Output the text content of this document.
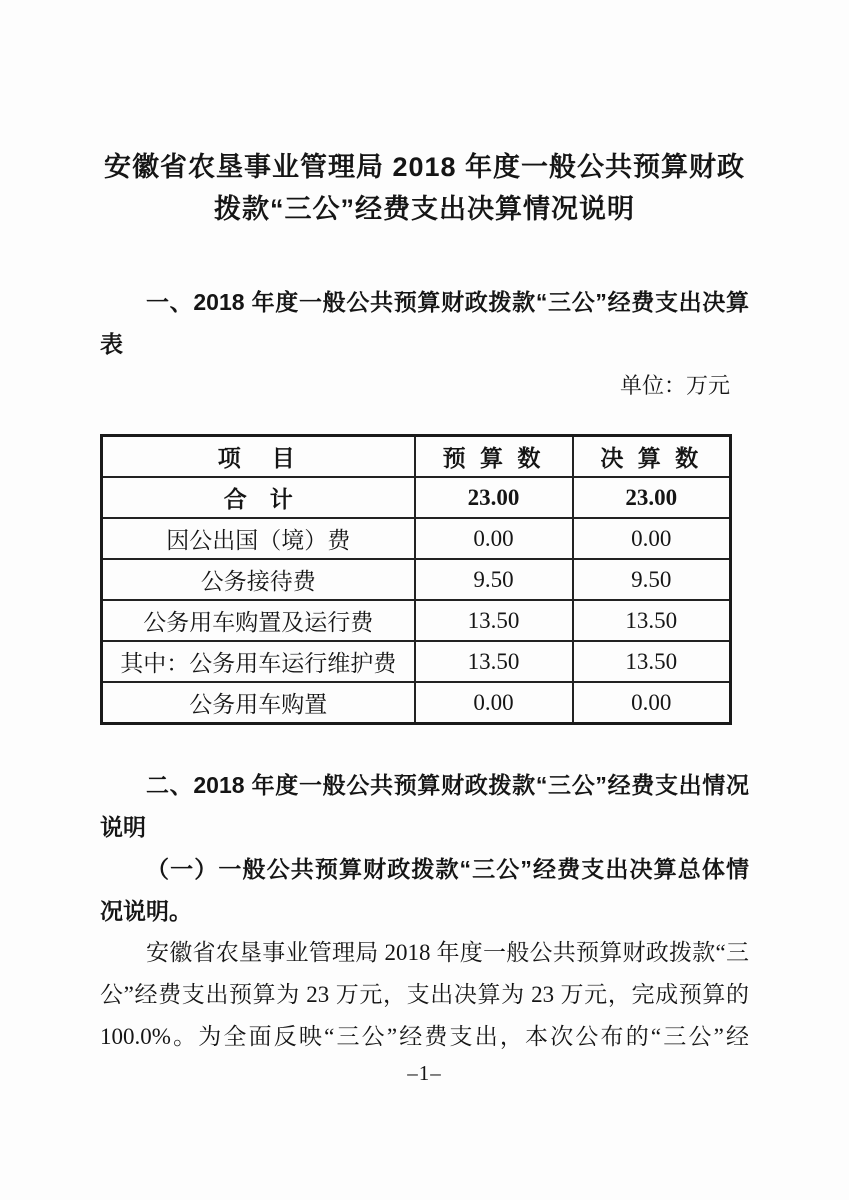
安徽省农垦事业管理局 2018 年度一般公共预算财政
拨款“三公”经费支出决算情况说明
一、2018 年度一般公共预算财政拨款“三公”经费支出决算
表
单位：万元
项　目	预 算 数	决 算 数
合　计	23.00	23.00
因公出国（境）费	0.00	0.00
公务接待费	9.50	9.50
公务用车购置及运行费	13.50	13.50
其中：公务用车运行维护费	13.50	13.50
公务用车购置	0.00	0.00
二、2018 年度一般公共预算财政拨款“三公”经费支出情况
说明
（一）一般公共预算财政拨款“三公”经费支出决算总体情
况说明。
安徽省农垦事业管理局 2018 年度一般公共预算财政拨款“三
公”经费支出预算为 23 万元，支出决算为 23 万元，完成预算的
100.0%。为全面反映“三公”经费支出，本次公布的“三公”经
–1–
